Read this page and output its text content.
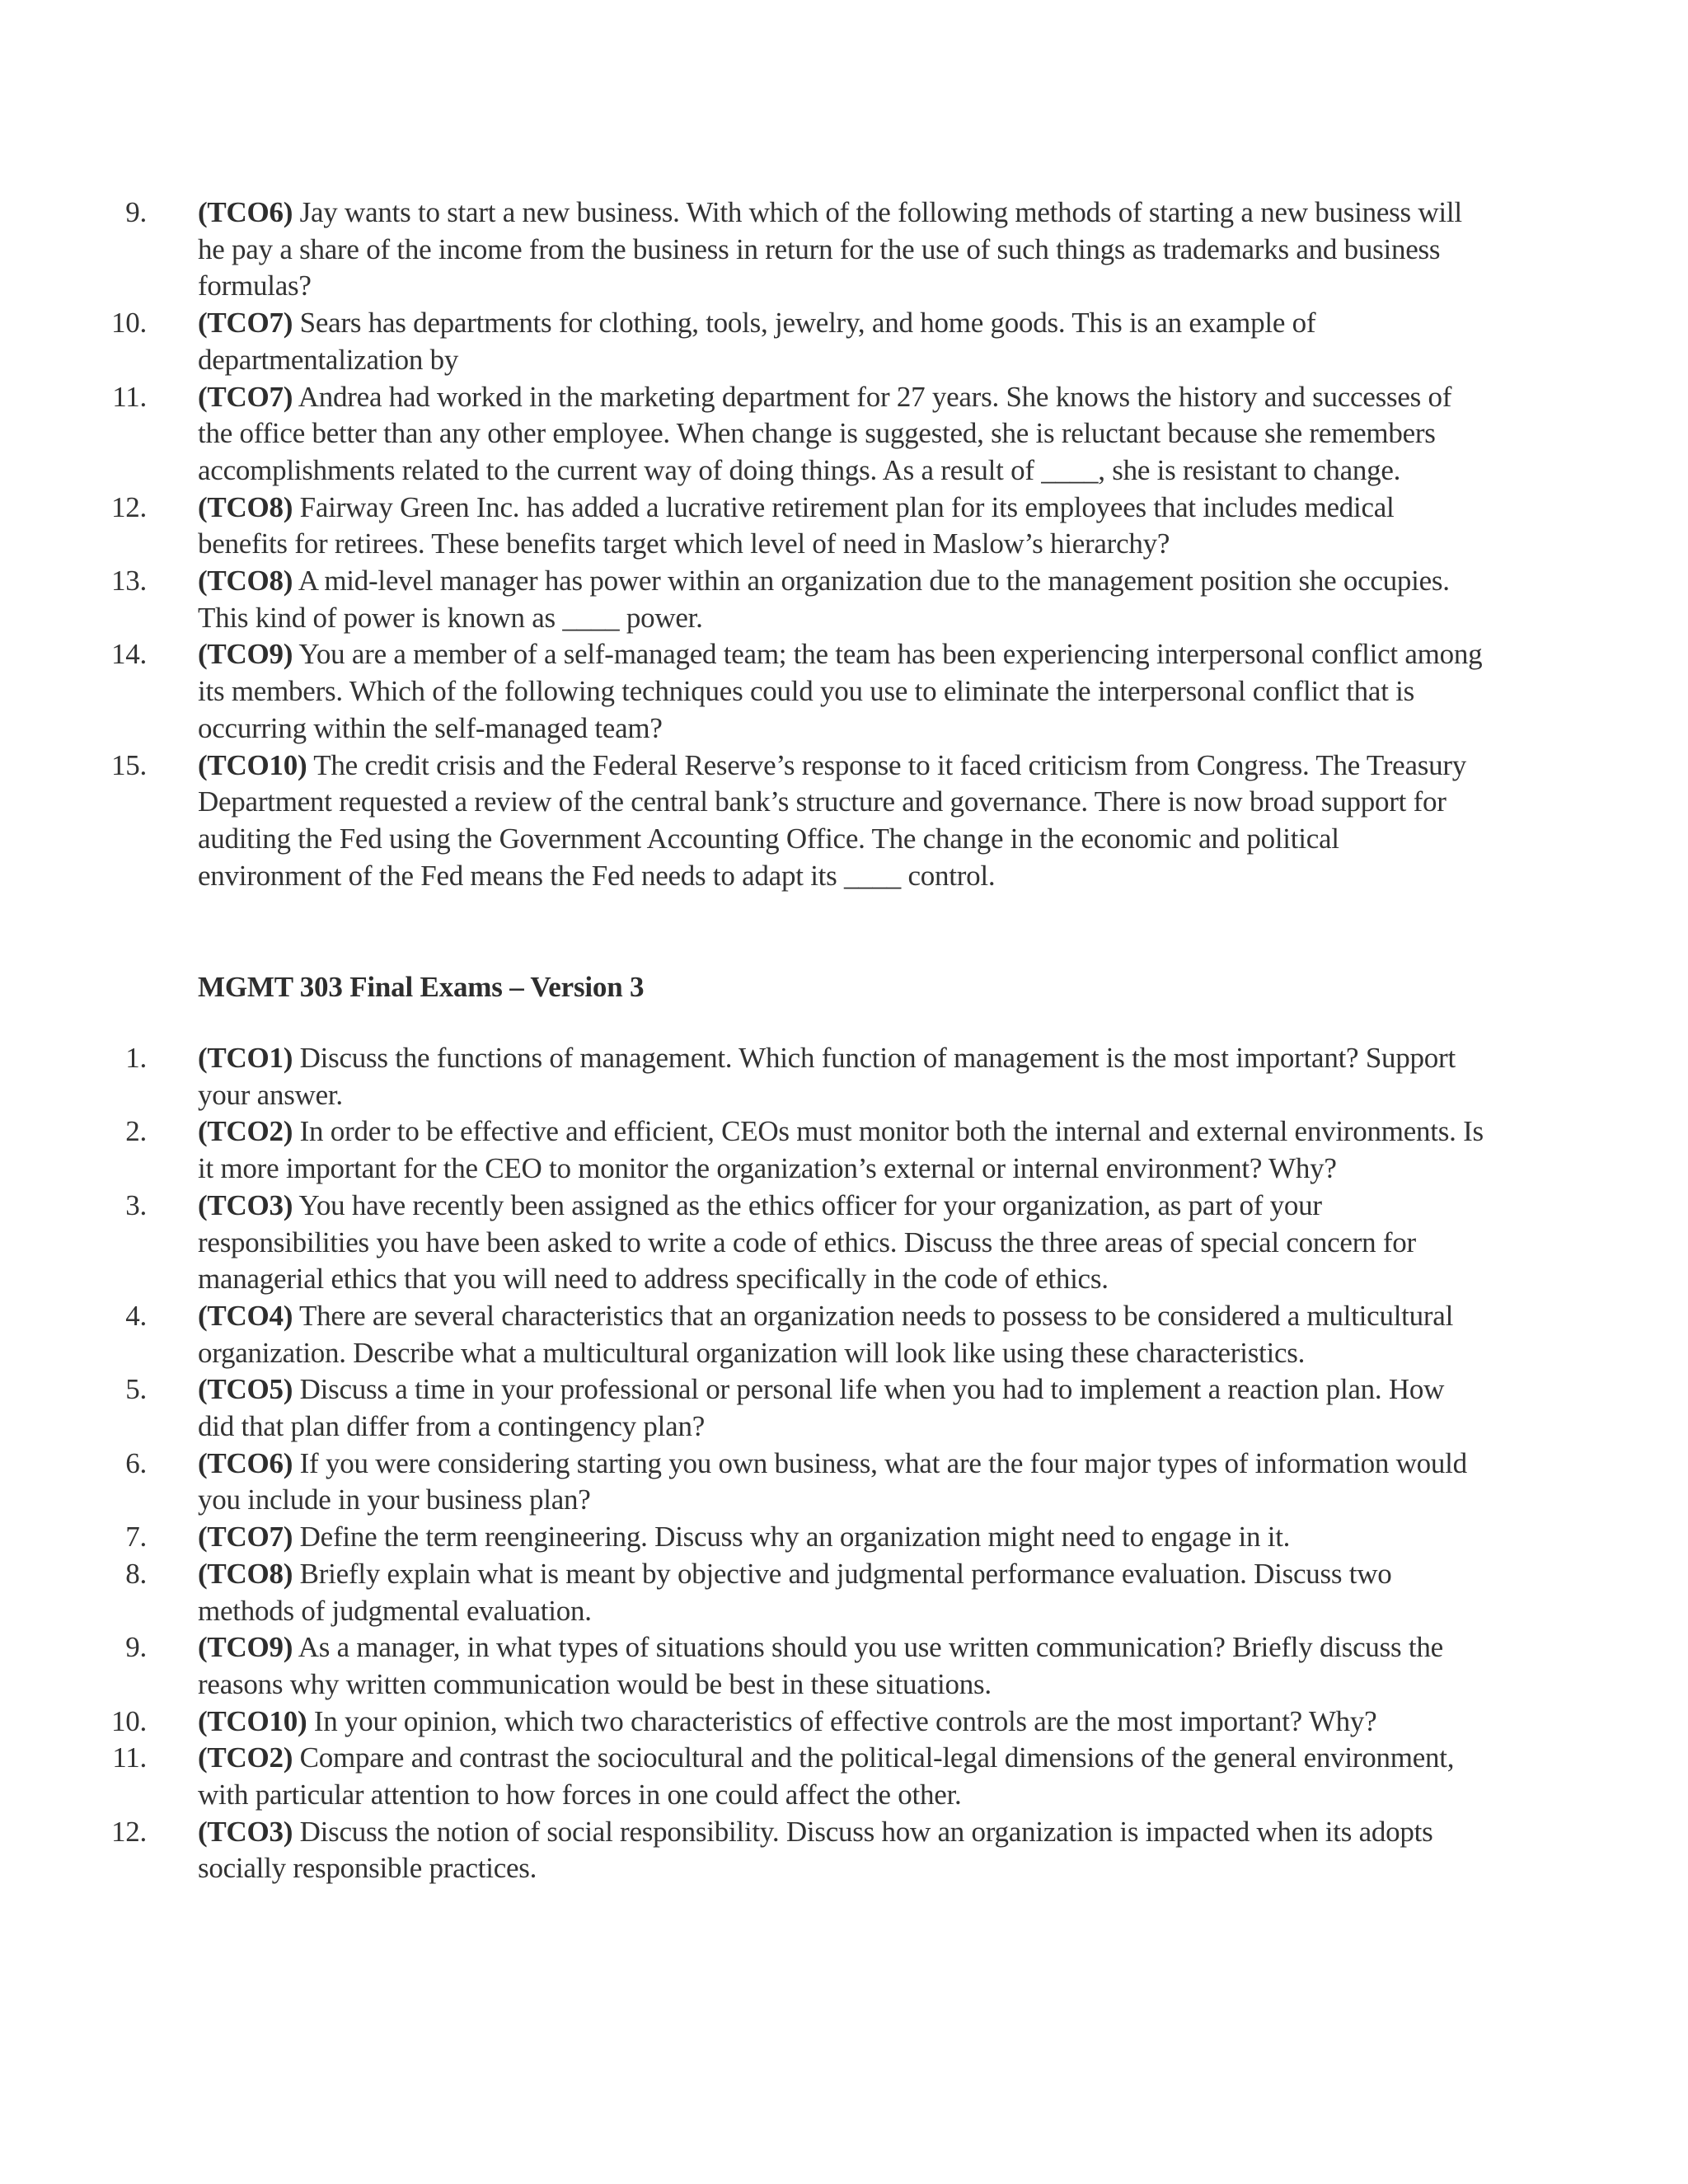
9. (TCO6) Jay wants to start a new business. With which of the following methods of starting a new business will he pay a share of the income from the business in return for the use of such things as trademarks and business formulas?
10. (TCO7) Sears has departments for clothing, tools, jewelry, and home goods. This is an example of departmentalization by
11. (TCO7) Andrea had worked in the marketing department for 27 years. She knows the history and successes of the office better than any other employee. When change is suggested, she is reluctant because she remembers accomplishments related to the current way of doing things. As a result of ____, she is resistant to change.
12. (TCO8) Fairway Green Inc. has added a lucrative retirement plan for its employees that includes medical benefits for retirees. These benefits target which level of need in Maslow’s hierarchy?
13. (TCO8) A mid-level manager has power within an organization due to the management position she occupies. This kind of power is known as ____ power.
14. (TCO9) You are a member of a self-managed team; the team has been experiencing interpersonal conflict among its members. Which of the following techniques could you use to eliminate the interpersonal conflict that is occurring within the self-managed team?
15. (TCO10) The credit crisis and the Federal Reserve’s response to it faced criticism from Congress. The Treasury Department requested a review of the central bank’s structure and governance. There is now broad support for auditing the Fed using the Government Accounting Office. The change in the economic and political environment of the Fed means the Fed needs to adapt its ____ control.
MGMT 303 Final Exams – Version 3
1. (TCO1) Discuss the functions of management. Which function of management is the most important? Support your answer.
2. (TCO2) In order to be effective and efficient, CEOs must monitor both the internal and external environments. Is it more important for the CEO to monitor the organization’s external or internal environment? Why?
3. (TCO3) You have recently been assigned as the ethics officer for your organization, as part of your responsibilities you have been asked to write a code of ethics. Discuss the three areas of special concern for managerial ethics that you will need to address specifically in the code of ethics.
4. (TCO4) There are several characteristics that an organization needs to possess to be considered a multicultural organization. Describe what a multicultural organization will look like using these characteristics.
5. (TCO5) Discuss a time in your professional or personal life when you had to implement a reaction plan. How did that plan differ from a contingency plan?
6. (TCO6) If you were considering starting you own business, what are the four major types of information would you include in your business plan?
7. (TCO7) Define the term reengineering. Discuss why an organization might need to engage in it.
8. (TCO8) Briefly explain what is meant by objective and judgmental performance evaluation. Discuss two methods of judgmental evaluation.
9. (TCO9) As a manager, in what types of situations should you use written communication? Briefly discuss the reasons why written communication would be best in these situations.
10. (TCO10) In your opinion, which two characteristics of effective controls are the most important? Why?
11. (TCO2) Compare and contrast the sociocultural and the political-legal dimensions of the general environment, with particular attention to how forces in one could affect the other.
12. (TCO3) Discuss the notion of social responsibility. Discuss how an organization is impacted when its adopts socially responsible practices.
